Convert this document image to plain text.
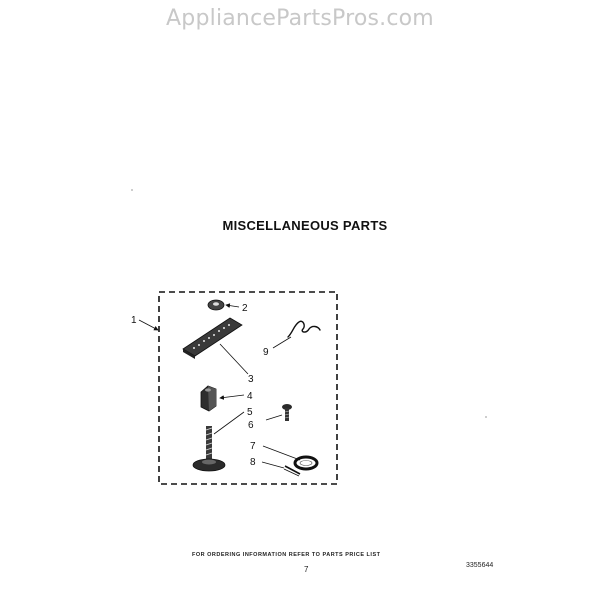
AppliancePartsPros.com
MISCELLANEOUS PARTS
1
2
3
4
5
6
7
8
9
FOR ORDERING INFORMATION REFER TO PARTS PRICE LIST
7	3355644
